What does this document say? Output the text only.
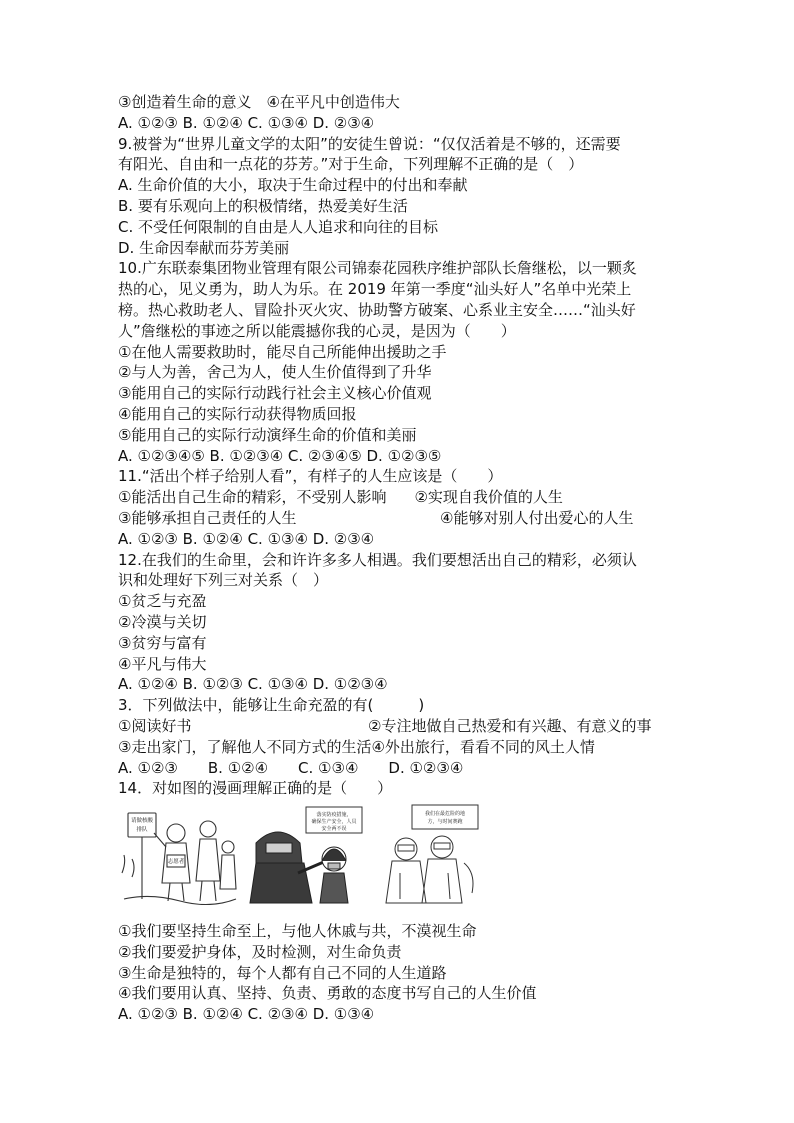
③创造着生命的意义　④在平凡中创造伟大
A. ①②③ B. ①②④ C. ①③④ D. ②③④
9.被誉为“世界儿童文学的太阳”的安徒生曾说：“仅仅活着是不够的，还需要
有阳光、自由和一点花的芬芳。”对于生命，下列理解不正确的是（　）
A. 生命价值的大小，取决于生命过程中的付出和奉献
B. 要有乐观向上的积极情绪，热爱美好生活
C. 不受任何限制的自由是人人追求和向往的目标
D. 生命因奉献而芬芳美丽
10.广东联泰集团物业管理有限公司锦泰花园秩序维护部队长詹继松，以一颗炙
热的心，见义勇为，助人为乐。在 2019 年第一季度“汕头好人”名单中光荣上
榜。热心救助老人、冒险扑灭火灾、协助警方破案、心系业主安全……“汕头好
人”詹继松的事迹之所以能震撼你我的心灵，是因为（　　）
①在他人需要救助时，能尽自己所能伸出援助之手
②与人为善，舍己为人，使人生价值得到了升华
③能用自己的实际行动践行社会主义核心价值观
④能用自己的实际行动获得物质回报
⑤能用自己的实际行动演绎生命的价值和美丽
A. ①②③④⑤ B. ①②③④ C. ②③④⑤ D. ①②③⑤
11.“活出个样子给别人看”，有样子的人生应该是（　　）
①能活出自己生命的精彩，不受别人影响 ②实现自我价值的人生
③能够承担自己责任的人生	④能够对别人付出爱心的人生
A. ①②③ B. ①②④ C. ①③④ D. ②③④
12.在我们的生命里，会和许许多多人相遇。我们要想活出自己的精彩，必须认
识和处理好下列三对关系（　）
①贫乏与充盈
②冷漠与关切
③贫穷与富有
④平凡与伟大
A. ①②④ B. ①②③ C. ①③④ D. ①②③④
3．下列做法中，能够让生命充盈的有(　　　)
①阅读好书	②专注地做自己热爱和有兴趣、有意义的事
③走出家门，了解他人不同方式的生活④外出旅行，看看不同的风土人情
A. ①②③　　B. ①②④　　C. ①③④　　D. ①②③④
14．对如图的漫画理解正确的是（　　）
请做核酸
排队
志愿者
落实防疫措施，
确保生产安全，人员
安全两不误
我们在最危险的地
方，与时间赛跑
①我们要坚持生命至上，与他人休戚与共，不漠视生命
②我们要爱护身体，及时检测，对生命负责
③生命是独特的，每个人都有自己不同的人生道路
④我们要用认真、坚持、负责、勇敢的态度书写自己的人生价值
A. ①②③ B. ①②④ C. ②③④ D. ①③④
